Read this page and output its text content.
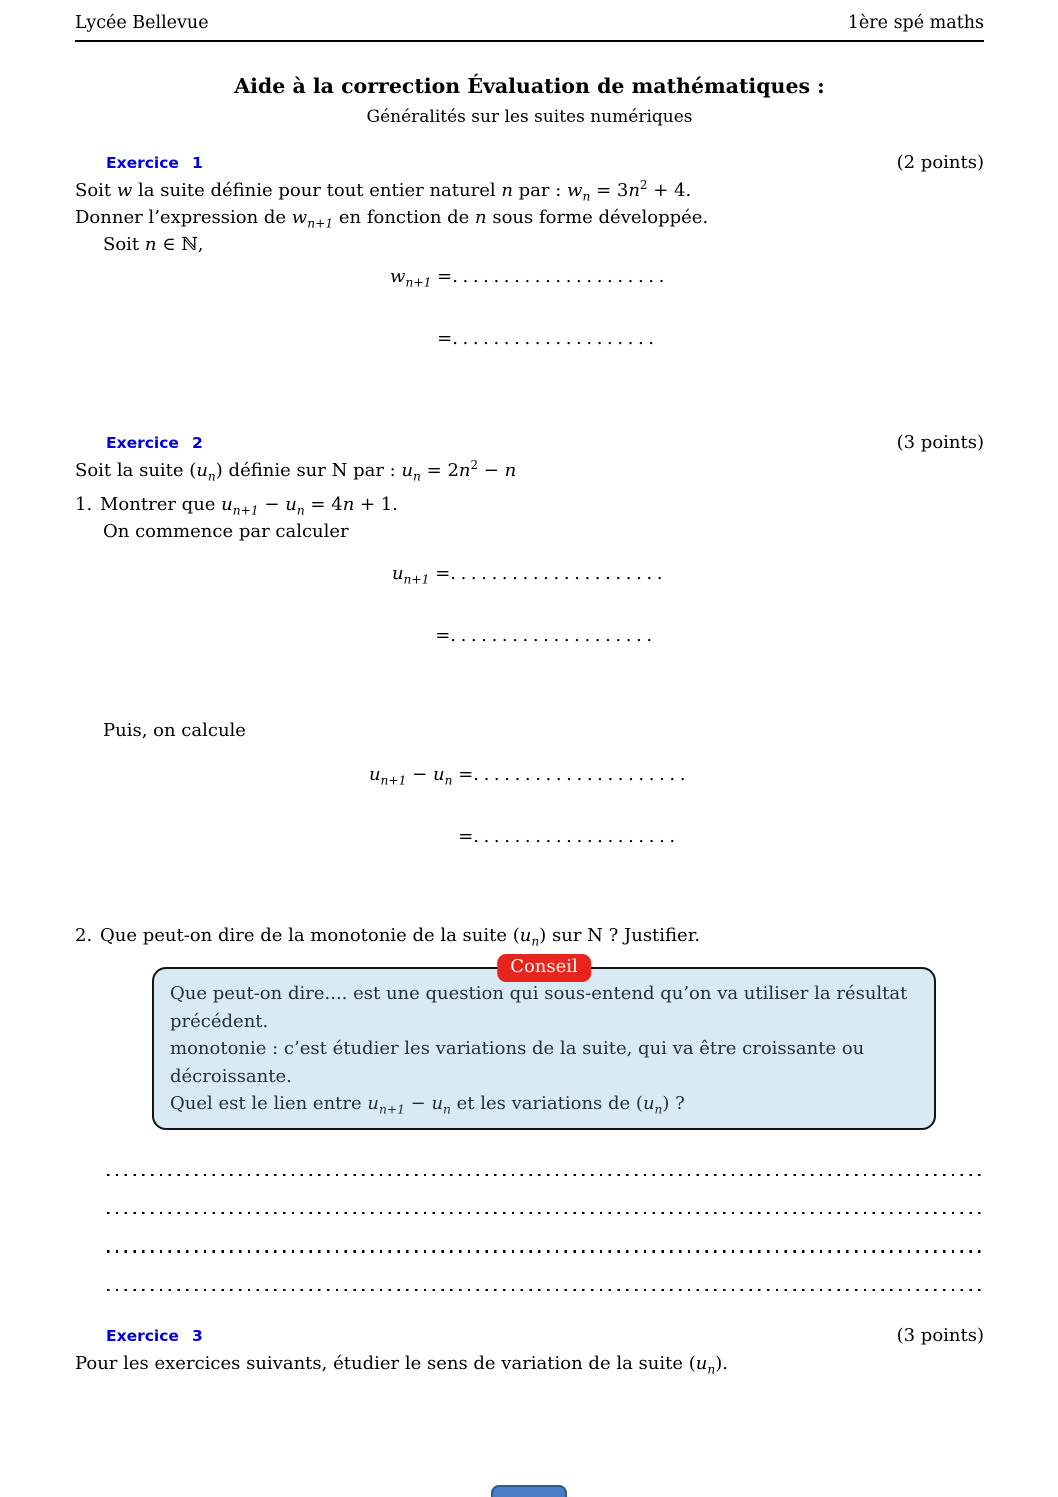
Lycée Bellevue	1ère spé maths
Aide à la correction Évaluation de mathématiques :
Généralités sur les suites numériques
Exercice 1	(2 points)
Soit w la suite définie pour tout entier naturel n par : $w_n = 3n^2 + 4$.
Donner l’expression de $w_{n+1}$ en fonction de n sous forme développée.
Soit n ∈ ℕ,
$w_{n+1}$ = .....................
= ....................
Exercice 2	(3 points)
Soit la suite $(u_n)$ définie sur N par : $u_n = 2n^2 - n$
1. Montrer que $u_{n+1} - u_n = 4n + 1$.
On commence par calculer
$u_{n+1}$ = .....................
= ....................
Puis, on calcule
$u_{n+1} - u_n$ = .....................
= ....................
2. Que peut-on dire de la monotonie de la suite $(u_n)$ sur N ? Justifier.
Conseil
Que peut-on dire.... est une question qui sous-entend qu’on va utiliser la résultat précédent.
monotonie : c’est étudier les variations de la suite, qui va être croissante ou décroissante.
Quel est le lien entre $u_{n+1} - u_n$ et les variations de $(u_n)$ ?
Exercice 3	(3 points)
Pour les exercices suivants, étudier le sens de variation de la suite $(u_n)$.
